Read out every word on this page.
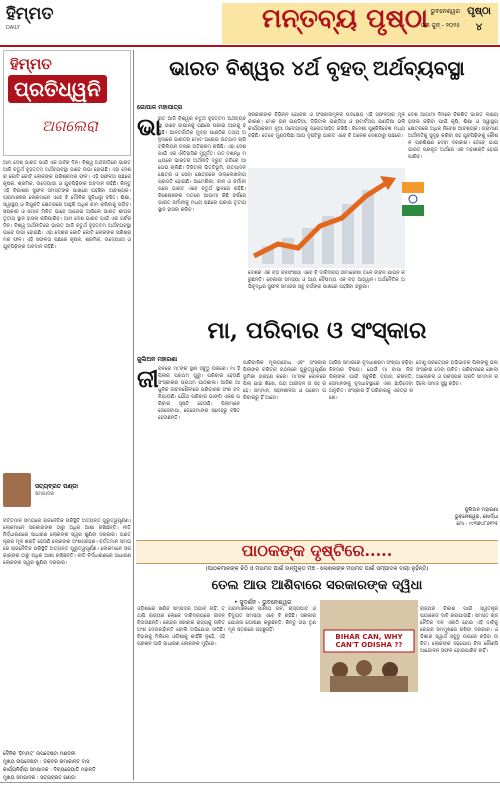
ହିମ୍ମତ
DAILY	ମନ୍ତବ୍ୟ ପୃଷ୍ଠା ଭୁବନେଶ୍ୱର
୦୩ ଜୁନ୍ - ୨୦୨୫
ପୃଷ୍ଠା
୪
ହିମ୍ମତ
ପ୍ରତିଧ୍ୱନି
ଅଗଲେରା
ଆମ ଦେଶ ଭାରତ ପାଇଁ ଏକ ଗର୍ବର ଦିନ। ବିଶ୍ୱ ଅର୍ଥନୀତିରେ ଭାରତ ଆଜି ଚତୁର୍ଥ ବୃହତ୍ତମ ଅର୍ଥବ୍ୟବସ୍ଥା ଭାବେ ଉଭା ହୋଇଛି। ଏହା ଦେଶର କୋଟି କୋଟି ଲୋକଙ୍କ ପରିଶ୍ରମର ଫଳ। ଏହି ସଫଳତା ପଛରେ କୃଷକ, ଶ୍ରମିକ, ଉଦ୍ୟୋଗୀ ଓ ଯୁବପିଢ଼ିଙ୍କ ଅବଦାନ ରହିଛି। କିନ୍ତୁ ଏହି ବିକାଶର ସୁଫଳ ସମସ୍ତଙ୍କ ପାଖରେ ପହଞ୍ଚିବା ଆବଶ୍ୟକ। ଗ୍ରାମାଞ୍ଚଳର ଲୋକମାନେ ଏବେ ବି ମୌଳିକ ସୁବିଧାରୁ ବଞ୍ଚିତ। ଶିକ୍ଷା, ସ୍ୱାସ୍ଥ୍ୟ ଓ ନିଯୁକ୍ତି କ୍ଷେତ୍ରରେ ଆହୁରି ଅଧିକ କାମ କରିବାକୁ ପଡ଼ିବ। ସରକାର ଓ ସମାଜ ମିଳିତ ଭାବେ ଆଗେଇ ଆସିଲେ ଭାରତ ଶୀଘ୍ର ତୃତୀୟ ସ୍ଥାନ ହାସଲ କରିପାରିବ। ଆମ ଦେଶ ଭାରତ ପାଇଁ ଏକ ଗର୍ବର ଦିନ। ବିଶ୍ୱ ଅର୍ଥନୀତିରେ ଭାରତ ଆଜି ଚତୁର୍ଥ ବୃହତ୍ତମ ଅର୍ଥବ୍ୟବସ୍ଥା ଭାବେ ଉଭା ହୋଇଛି। ଏହା ଦେଶର କୋଟି କୋଟି ଲୋକଙ୍କ ପରିଶ୍ରମର ଫଳ। ଏହି ସଫଳତା ପଛରେ କୃଷକ, ଶ୍ରମିକ, ଉଦ୍ୟୋଗୀ ଓ ଯୁବପିଢ଼ିଙ୍କ ଅବଦାନ ରହିଛି।
ସତ୍ୟବ୍ରତ ପଣ୍ଡା
ସମ୍ପାଦକ
ବର୍ତ୍ତମାନ ସମୟରେ ରାଜନୈତିକ ପରିସ୍ଥିତି ଅତ୍ୟନ୍ତ ଗୁରୁତ୍ୱପୂର୍ଣ୍ଣ। ଲୋକମାନେ ସରକାରଙ୍କ ଠାରୁ ଅଧିକ ଆଶା ରଖିଛନ୍ତି। ନୀତି ନିର୍ଦ୍ଧାରଣରେ ସାଧାରଣ ଲୋକଙ୍କ ସ୍ୱର ଶୁଣିବା ଦରକାର। ଗଣତନ୍ତ୍ରର ମୂଳ ଶକ୍ତି ହେଉଛି ଲୋକଙ୍କ ଅଂଶଗ୍ରହଣ। ବର୍ତ୍ତମାନ ସମୟରେ ରାଜନୈତିକ ପରିସ୍ଥିତି ଅତ୍ୟନ୍ତ ଗୁରୁତ୍ୱପୂର୍ଣ୍ଣ। ଲୋକମାନେ ସରକାରଙ୍କ ଠାରୁ ଅଧିକ ଆଶା ରଖିଛନ୍ତି। ନୀତି ନିର୍ଦ୍ଧାରଣରେ ସାଧାରଣ ଲୋକଙ୍କ ସ୍ୱର ଶୁଣିବା ଦରକାର।
ଦୈନିକ 'ହିମ୍ମତ' ଉପଦେଷ୍ଟା ମଣ୍ଡଳୀ
ମୁଖ୍ୟ ଉପଦେଷ୍ଟା : ଡକ୍ଟର ରମାକାନ୍ତ ଦାସ
କାର୍ଯ୍ୟନିର୍ବାହୀ ସମ୍ପାଦକ : ଦିବ୍ୟଜ୍ୟୋତି ମହାନ୍ତି
ମୁଖ୍ୟ ସମ୍ପାଦକ : ସତ୍ୟବ୍ରତ ପଣ୍ଡା
ଭାରତ ବିଶ୍ୱର ୪ର୍ଥ ବୃହତ୍ ଅର୍ଥବ୍ୟବସ୍ଥା
ଗୋପାଳ ମହାପାତ୍ର
ଭା
ରତ ଆଜି ବିଶ୍ୱର ଚତୁର୍ଥ ବୃହତ୍ତମ ଅର୍ଥବ୍ୟବସ୍ଥା ଭାବେ ଜାପାନକୁ ପଛରେ ପକାଇ ଆଗକୁ ବଢ଼ିଛି। ଆନ୍ତର୍ଜାତିକ ମୁଦ୍ରା ପାଣ୍ଠିର ତଥ୍ୟ ଅନୁସାରେ ଭାରତର ମୋଟ ଘରୋଇ ଉତ୍ପାଦ ଚାରି ଟ୍ରିଲିୟନ ଡଲାର ଅତିକ୍ରମ କରିଛି। ଏହା ଦେଶ ପାଇଁ ଏକ ଐତିହାସିକ ମୁହୂର୍ତ୍ତ। ଗତ ଦଶନ୍ଧି ମଧ୍ୟରେ ଭାରତର ଅର୍ଥନୀତି ଦ୍ରୁତ ଗତିରେ ଆଗେଇ ଚାଲିଛି। ଡିଜିଟାଲ ଭିତ୍ତିଭୂମି, ଉତ୍ପାଦନ କ୍ଷେତ୍ର ଓ ସେବା କ୍ଷେତ୍ରରେ ଉଲ୍ଲେଖନୀୟ ପ୍ରଗତି ହୋଇଛି। ଆମେରିକା, ଚୀନ ଓ ଜର୍ମାନୀ ପରେ ଭାରତ ଏବେ ଚତୁର୍ଥ ସ୍ଥାନରେ ରହିଛି। ବିଶେଷଜ୍ଞଙ୍କ ମତରେ ଆଗାମୀ କିଛି ବର୍ଷରେ ଭାରତ ଜର୍ମାନୀକୁ ମଧ୍ୟ ପଛରେ ପକାଇ ତୃତୀୟ ସ୍ଥାନ ହାସଲ କରିବ।
ସରକାରଙ୍କ ବିଭିନ୍ନ ଯୋଜନା ଓ ସଂସ୍କାରମୂଳକ ପଦକ୍ଷେପ ଏହି ସଫଳତାର ମୂଳ କାରଣ। ମେକ ଇନ୍ ଇଣ୍ଡିଆ, ଡିଜିଟାଲ ଇଣ୍ଡିଆ ଓ ଷ୍ଟାର୍ଟଅପ ଇଣ୍ଡିଆ ଭଳି କାର୍ଯ୍ୟକ୍ରମ ନୂଆ ଉଦ୍ୟୋଗକୁ ପ୍ରୋତ୍ସାହିତ କରିଛି। ବିଦେଶୀ ପୁଞ୍ଜିନିବେଶ ମଧ୍ୟ ବଢ଼ିଛି। ତେବେ ମୁଣ୍ଡପିଛା ଆୟ ଦୃଷ୍ଟିରୁ ଭାରତ ଏବେ ବି ଅନେକ ଦେଶଠାରୁ ପଛରେ।
ଦେଶର ଏକ ବଡ଼ ଜନସଂଖ୍ୟା ଏବେ ବି ଦାରିଦ୍ର୍ୟ ସୀମାରେଖା ତଳେ ଜୀବନ ଯାପନ କରୁଛନ୍ତି। ବେକାରୀ ସମସ୍ୟା ଓ ଆୟ ବୈଷମ୍ୟ ଏକ ବଡ଼ ଆହ୍ୱାନ। ଅର୍ଥନୈତିକ ଅଭିବୃଦ୍ଧିର ସୁଫଳ ସମାଜର ସବୁ ବର୍ଗଙ୍କ ପାଖରେ ପହଞ୍ଚିବା ଜରୁରୀ।
ଦେଶ ଆଗାମୀ ଦିନରେ ବିକଶିତ ଭାରତ ଲକ୍ଷ୍ୟ ହାସଲ କରିବା ପାଇଁ କୃଷି, ଶିକ୍ଷା ଓ ସ୍ୱାସ୍ଥ୍ୟ କ୍ଷେତ୍ରରେ ଅଧିକ ନିବେଶ ଆବଶ୍ୟକ। ଗ୍ରାମୀଣ ଅର୍ଥନୀତିକୁ ସୁଦୃଢ଼ କରିବା ସହ ଯୁବପିଢ଼ିଙ୍କୁ କୌଶଳ ପ୍ରଶିକ୍ଷଣ ଦେବା ଦରକାର। ତେବେ ଯାଇ ଭାରତ ପ୍ରକୃତ ଅର୍ଥରେ ଏକ ମହାଶକ୍ତି ହୋଇପାରିବ।
ମା, ପରିବାର ଓ ସଂସ୍କାର
ଜୁଲିଅନ ମହାରଣା
ଜୀ ବନରେ ମା'ଙ୍କ ସ୍ଥାନ ସବୁଠୁ ଉଚ୍ଚରେ। ମା ହିଁ ପିଲାର ପ୍ରଥମ ଗୁରୁ। ପରିବାର ହେଉଛି ସଂସ୍କାରର ପ୍ରଥମ ପାଠଶାଳା। ଆଜିର ଆଧୁନିକ ଜୀବନଶୈଳୀରେ ପରିବାରର ସଂଜ୍ଞା ବଦଳିଯାଉଛି। ଯୌଥ ପରିବାର ଭାଙ୍ଗି ଏକକ ପରିବାର ସୃଷ୍ଟି ହେଉଛି। ପିଲାମାନେ ଜେଜେବାପା, ଜେଜେମାଙ୍କ ସ୍ନେହରୁ ବଞ୍ଚିତ ହେଉଛନ୍ତି।
ପାରିବାରିକ ମୂଲ୍ୟବୋଧ ଏବଂ ସଂସ୍କାର ପିଲାଙ୍କ ଚରିତ୍ର ଗଠନରେ ଗୁରୁତ୍ୱପୂର୍ଣ୍ଣ ଭୂମିକା ଗ୍ରହଣ କରେ। ମା'ଙ୍କ କୋଳରେ ପିଲା ଯାହା ଶିଖେ, ତାହା ଆଜୀବନ ତା ସହ ରହେ। ସମ୍ମାନ, ସହନଶୀଳତା ଓ ପ୍ରେମ ପରିବାରରୁ ହିଁ ଆସେ।
ଆଜିର ସମାଜରେ ବୃଦ୍ଧାଶ୍ରମ ସଂଖ୍ୟା ବଢ଼ିବା ଚିନ୍ତାର ବିଷୟ। ଯେଉଁ ମା ବାପା ନିଜ ପିଲାଙ୍କ ପାଇଁ ସବୁକିଛି ତ୍ୟାଗ କରନ୍ତି, ସେମାନଙ୍କୁ ବୃଦ୍ଧାବସ୍ଥାରେ ଏକା ଛାଡ଼ିଦେବା ଅନୁଚିତ। ସଂସ୍କାର ହିଁ ପରିବାରକୁ ଏକତ୍ର ରଖେ।
ତେଣୁ ପ୍ରତ୍ୟେକ ଅଭିଭାବକ ପିଲାଙ୍କୁ ଭଲ ସଂସ୍କାର ଦେବା ଉଚିତ। ପରିବାରରେ ଖୋଲା ଆଲୋଚନା ଓ ପରସ୍ପର ପ୍ରତି ସମ୍ମାନ ରହିଲେ ସମାଜ ସୁସ୍ଥ ରହିବ।
ଜୁଲିଅନ ମହାରଣା
ଭୁବନେଶ୍ୱର, ଖୋର୍ଦ୍ଧା
ମୋ - ୯୯୩୭୪୮୬୧୨୫
ପାଠକଙ୍କ ଦୃଷ୍ଟିରେ.....
(ପାଠକମାନଙ୍କ ଚିଠି ଓ ମତାମତ ପାଇଁ ଉନ୍ମୁକ୍ତ ମଞ୍ଚ - ଲେଖକଙ୍କ ମତାମତ ପାଇଁ ସମ୍ପାଦକ ଦାୟୀ ନୁହଁନ୍ତି)
ତେଲ ଆଉ ଆଶିବାରେ ସରକାରଙ୍କ ଦ୍ୱିଧା
• ସୁଦର୍ଶନ - ଭୁବନେଶ୍ୱର
ଓଡ଼ିଶାରେ ଖଣିଜ ସମ୍ପଦର ଅଭାବ ନାହିଁ, ତଥାପି ରାଜ୍ୟର ଲୋକେ ଦାରିଦ୍ର୍ୟରେ ଜୀବନ ବିତାଉଛନ୍ତି। କେନ୍ଦ୍ର ସରକାର ରାଜ୍ୟକୁ ଉଚିତ ଅଂଶ ଦେଉନାହାଁନ୍ତି ବୋଲି ଅଭିଯୋଗ ଉଠିଛି। ବିହାରକୁ ମିଳିଲେ ଓଡ଼ିଶାକୁ କାହିଁକି ନୁହେଁ, ଏହି ପ୍ରଶ୍ନ ଆଜି ସାଧାରଣ ଲୋକଙ୍କ ମୁହଁରେ।
ଗ୍ରାମାଞ୍ଚଳରେ ପାନୀୟ ଜଳ, ରାସ୍ତାଘାଟ ଓ ବିଦ୍ୟୁତ ସମସ୍ୟା ଏବେ ବି ରହିଛି। ସରକାର ଯୋଜନା ଘୋଷଣା କରୁଛନ୍ତି, କିନ୍ତୁ ତାହା ତୃଣମୂଳ ସ୍ତରରେ ପହଞ୍ଚୁନାହିଁ।
BIHAR CAN, WHY CAN'T ODISHA ??
ରାଜ୍ୟର ବିକାଶ ପାଇଁ ସ୍ୱତନ୍ତ୍ର ପ୍ୟାକେଜ ଦାବି କରାଯାଉଛି। ସମସ୍ତ ରାଜନୈତିକ ଦଳ ଏକାଠି ହୋଇ ଏହି ଦାବିକୁ କେନ୍ଦ୍ର ସମ୍ମୁଖରେ ରଖିବା ଦରକାର। ଓଡ଼ିଶାର ସ୍ୱାର୍ଥ ସବୁଠୁ ଉପରେ ରହିବା ଉଚିତ। ଲୋକଙ୍କ ସହଯୋଗ ବିନା କୌଣସି ଆନ୍ଦୋଳନ ସଫଳ ହୋଇପାରିବ ନାହିଁ।
